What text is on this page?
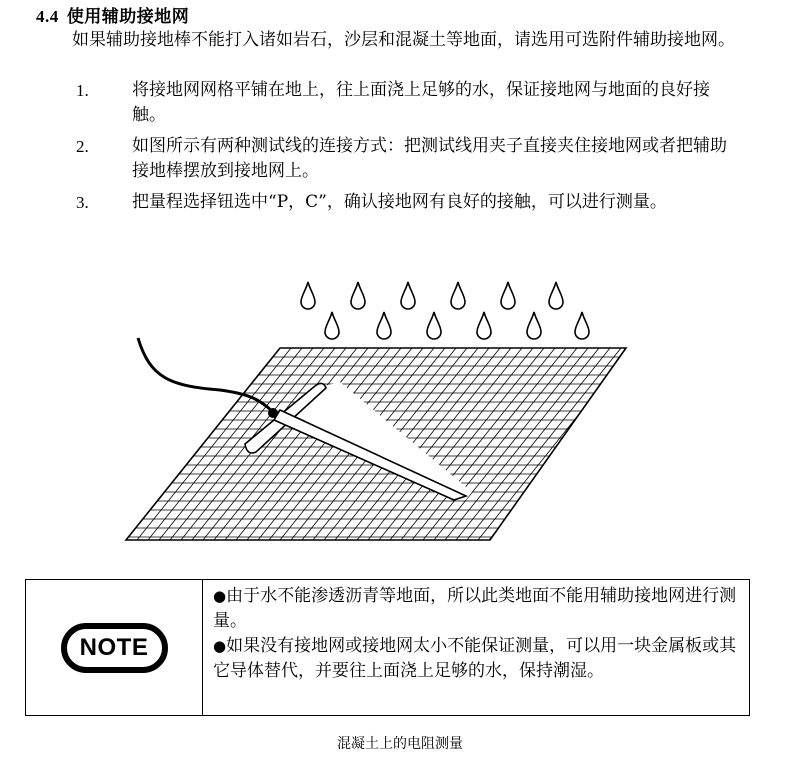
4.4 使用辅助接地网
如果辅助接地棒不能打入诸如岩石，沙层和混凝土等地面，请选用可选附件辅助接地网。
1.	将接地网网格平铺在地上，往上面浇上足够的水，保证接地网与地面的良好接触。
2.	如图所示有两种测试线的连接方式：把测试线用夹子直接夹住接地网或者把辅助接地棒摆放到接地网上。
3.	把量程选择钮选中“P，C”，确认接地网有良好的接触，可以进行测量。
NOTE
●由于水不能渗透沥青等地面，所以此类地面不能用辅助接地网进行测量。
●如果没有接地网或接地网太小不能保证测量，可以用一块金属板或其它导体替代，并要往上面浇上足够的水，保持潮湿。
混凝土上的电阻测量
